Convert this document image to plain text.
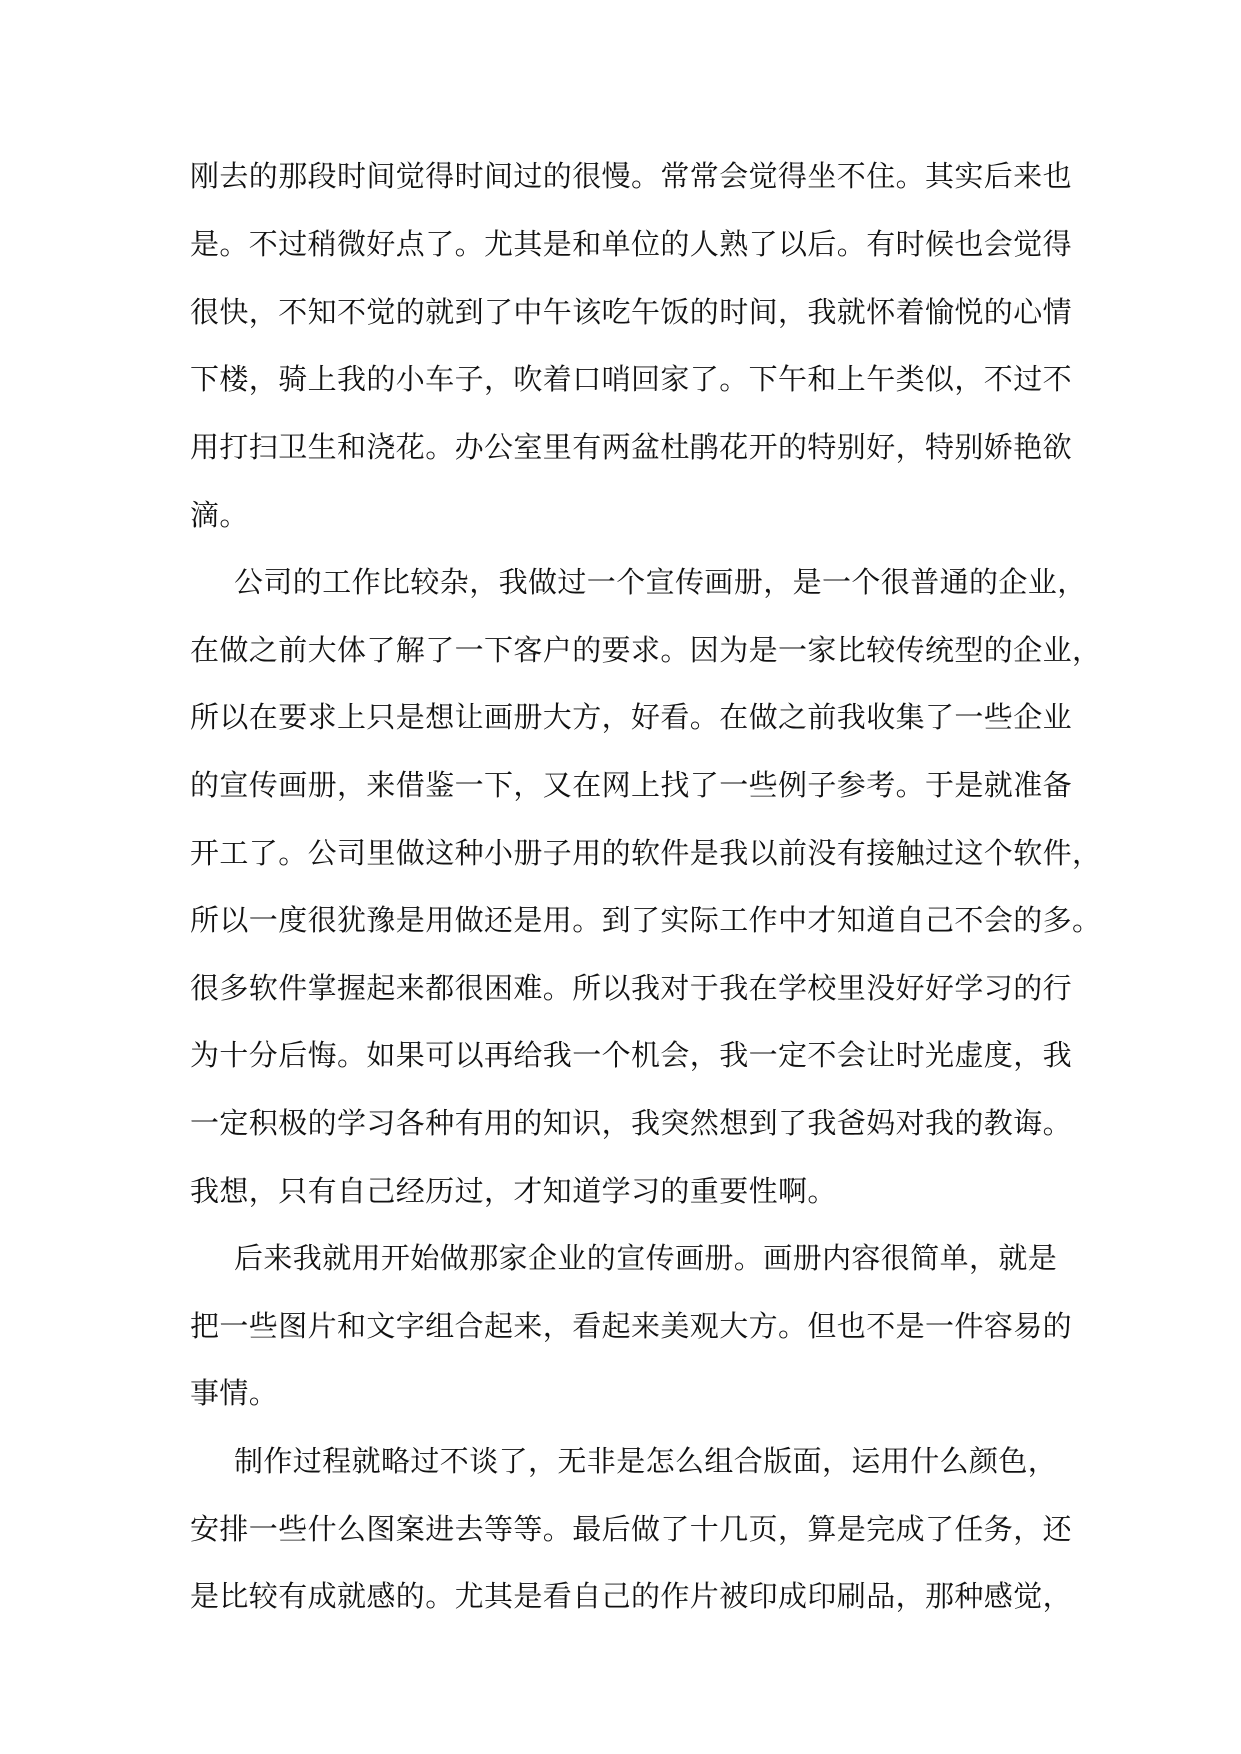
刚去的那段时间觉得时间过的很慢。常常会觉得坐不住。其实后来也
是。不过稍微好点了。尤其是和单位的人熟了以后。有时候也会觉得
很快，不知不觉的就到了中午该吃午饭的时间，我就怀着愉悦的心情
下楼，骑上我的小车子，吹着口哨回家了。下午和上午类似，不过不
用打扫卫生和浇花。办公室里有两盆杜鹃花开的特别好，特别娇艳欲
滴。
公司的工作比较杂，我做过一个宣传画册，是一个很普通的企业，
在做之前大体了解了一下客户的要求。因为是一家比较传统型的企业，
所以在要求上只是想让画册大方，好看。在做之前我收集了一些企业
的宣传画册，来借鉴一下，又在网上找了一些例子参考。于是就准备
开工了。公司里做这种小册子用的软件是我以前没有接触过这个软件，
所以一度很犹豫是用做还是用。到了实际工作中才知道自己不会的多。
很多软件掌握起来都很困难。所以我对于我在学校里没好好学习的行
为十分后悔。如果可以再给我一个机会，我一定不会让时光虚度，我
一定积极的学习各种有用的知识，我突然想到了我爸妈对我的教诲。
我想，只有自己经历过，才知道学习的重要性啊。
后来我就用开始做那家企业的宣传画册。画册内容很简单，就是
把一些图片和文字组合起来，看起来美观大方。但也不是一件容易的
事情。
制作过程就略过不谈了，无非是怎么组合版面，运用什么颜色，
安排一些什么图案进去等等。最后做了十几页，算是完成了任务，还
是比较有成就感的。尤其是看自己的作片被印成印刷品，那种感觉，
